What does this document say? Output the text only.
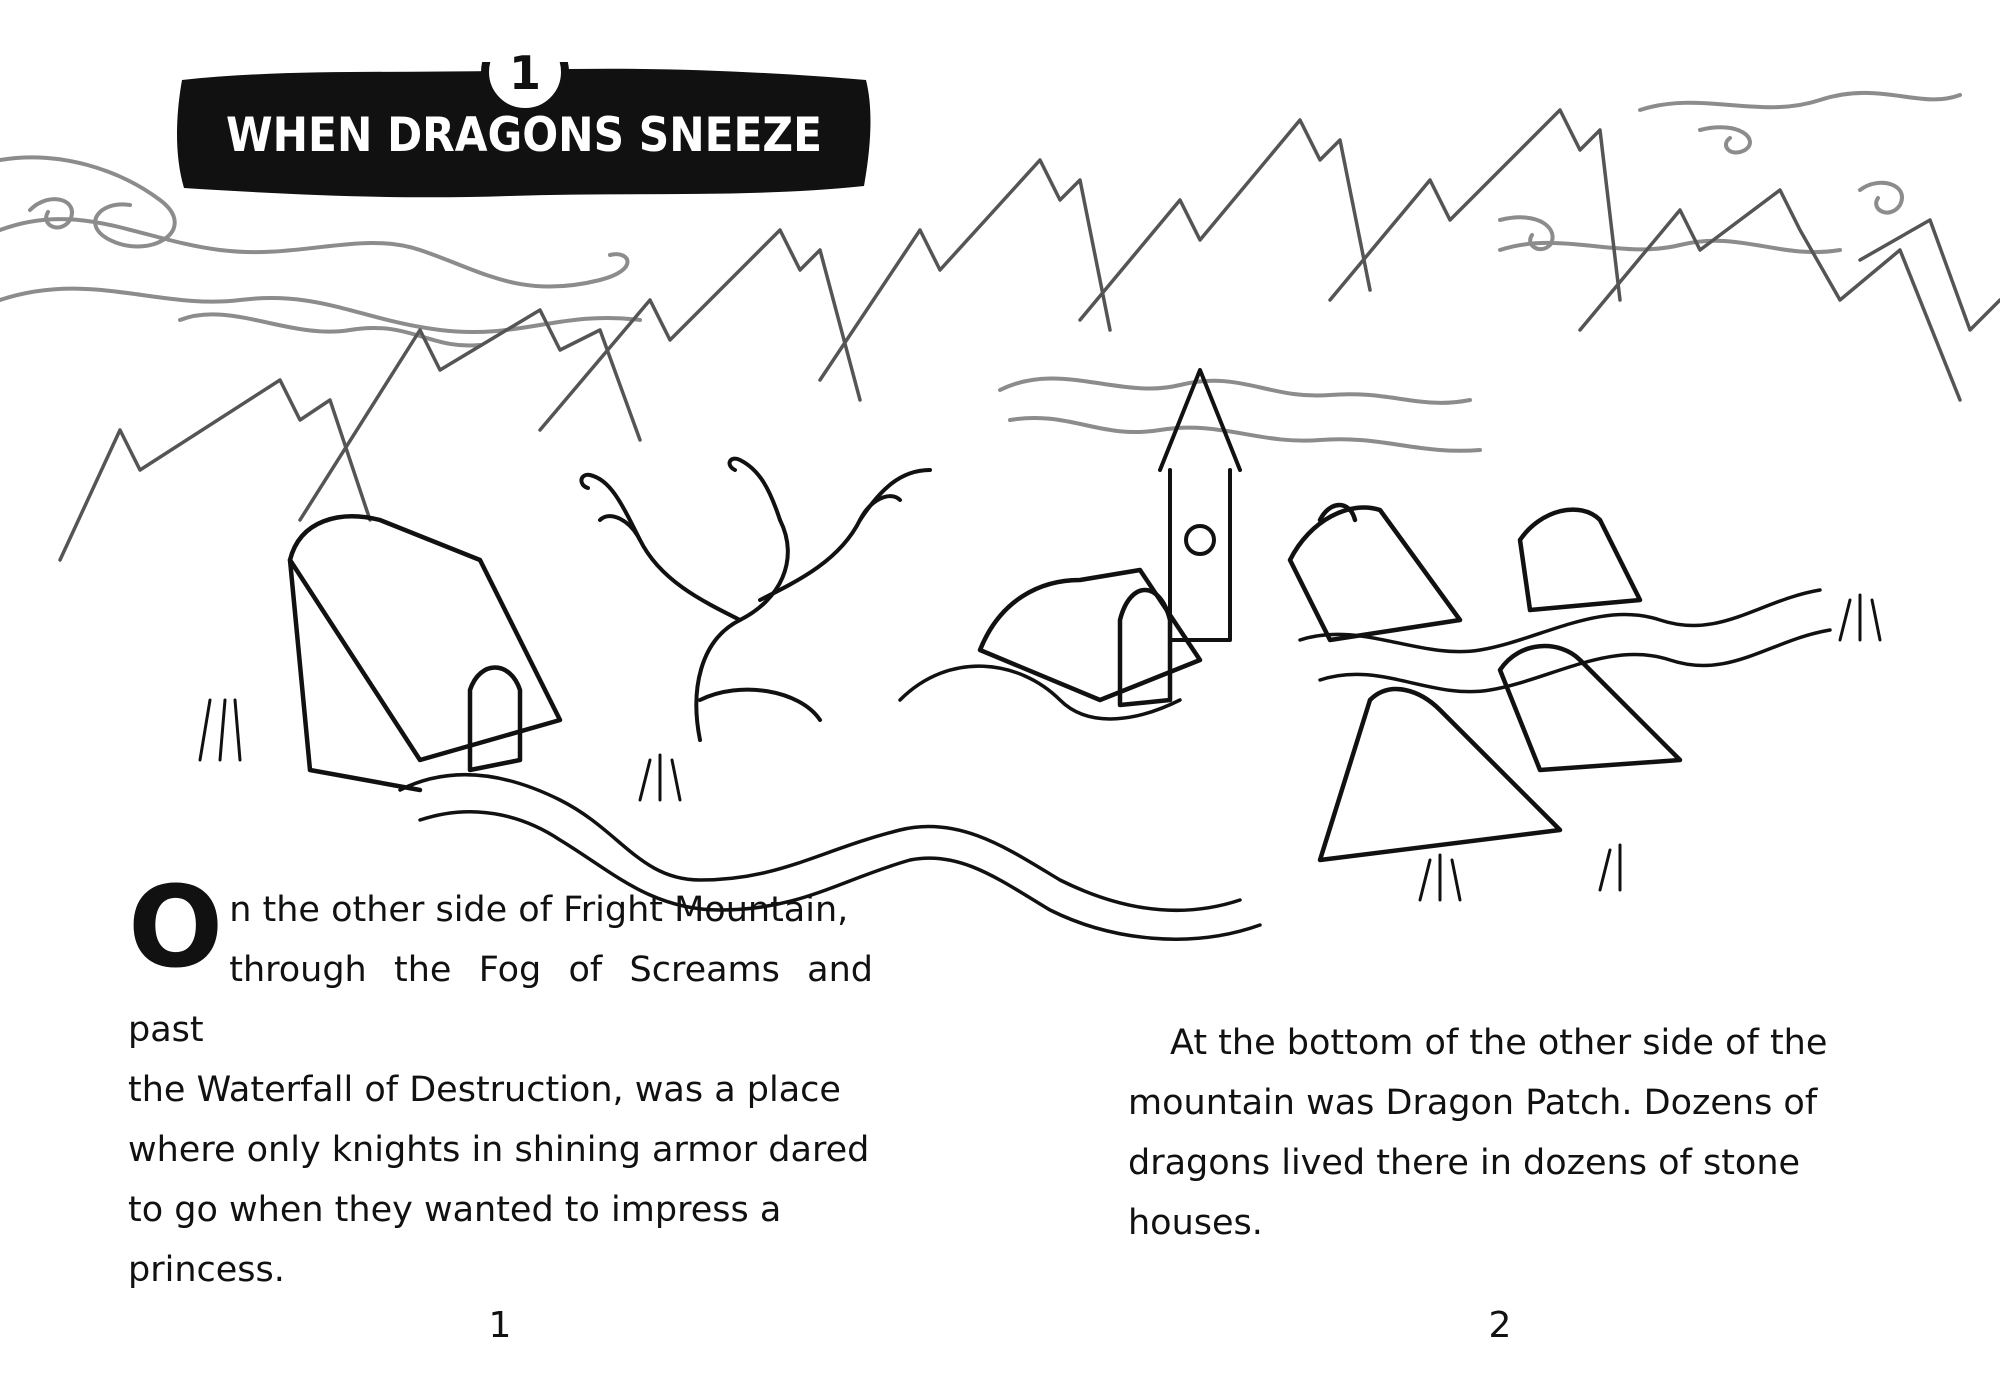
1
WHEN DRAGONS SNEEZE
O n the other side of Fright Mountain,
through the Fog of Screams and past
the Waterfall of Destruction, was a place
where only knights in shining armor dared
to go when they wanted to impress a
princess.
At the bottom of the other side of the
mountain was Dragon Patch. Dozens of
dragons lived there in dozens of stone
houses.
1	2
